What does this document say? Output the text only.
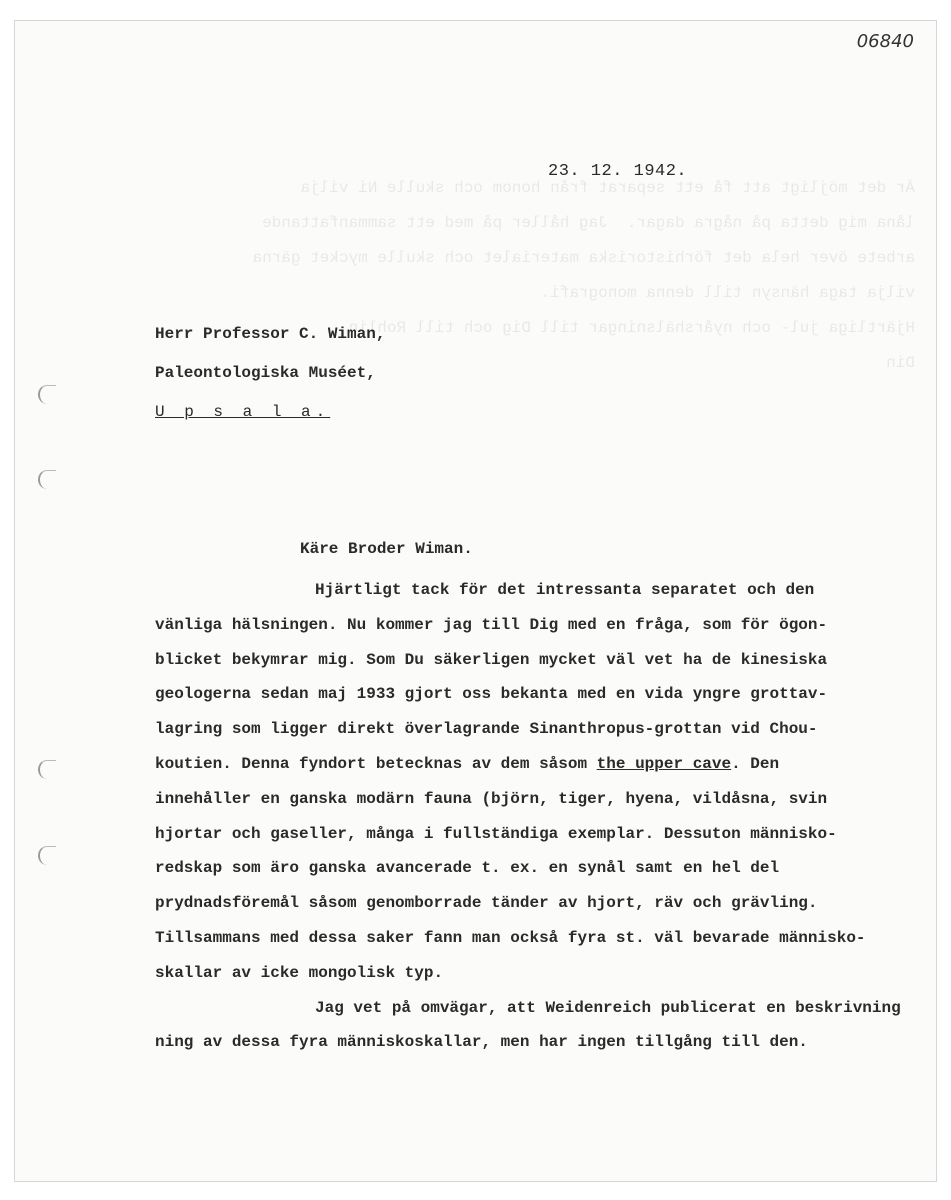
Är det möjligt att få ett separat från honom och skulle Ni vilja
låna mig detta på några dagar.  Jag håller på med ett sammanfattande
arbete över hela det förhistoriska materialet och skulle mycket gärna
vilja taga hänsyn till denna monografi.
Hjärtliga jul- och nyårshälsningar till Dig och till Rohlin
Din
06840
23. 12. 1942.
Herr Professor C. Wiman,
Paleontologiska Muséet,
U p s a l a.
Käre Broder Wiman.

Hjärtligt tack för det intressanta separatet och den
vänliga hälsningen. Nu kommer jag till Dig med en fråga, som för ögon-
blicket bekymrar mig. Som Du säkerligen mycket väl vet ha de kinesiska
geologerna sedan maj 1933 gjort oss bekanta med en vida yngre grottav-
lagring som ligger direkt överlagrande Sinanthropus-grottan vid Chou-
koutien. Denna fyndort betecknas av dem såsom the upper cave. Den
innehåller en ganska modärn fauna (björn, tiger, hyena, vildåsna, svin
hjortar och gaseller, många i fullständiga exemplar. Dessuton människo-
redskap som äro ganska avancerade t. ex. en synål samt en hel del
prydnadsföremål såsom genomborrade tänder av hjort, räv och grävling.
Tillsammans med dessa saker fann man också fyra st. väl bevarade människo-
skallar av icke mongolisk typ.

Jag vet på omvägar, att Weidenreich publicerat en beskrivning
ning av dessa fyra människoskallar, men har ingen tillgång till den.
